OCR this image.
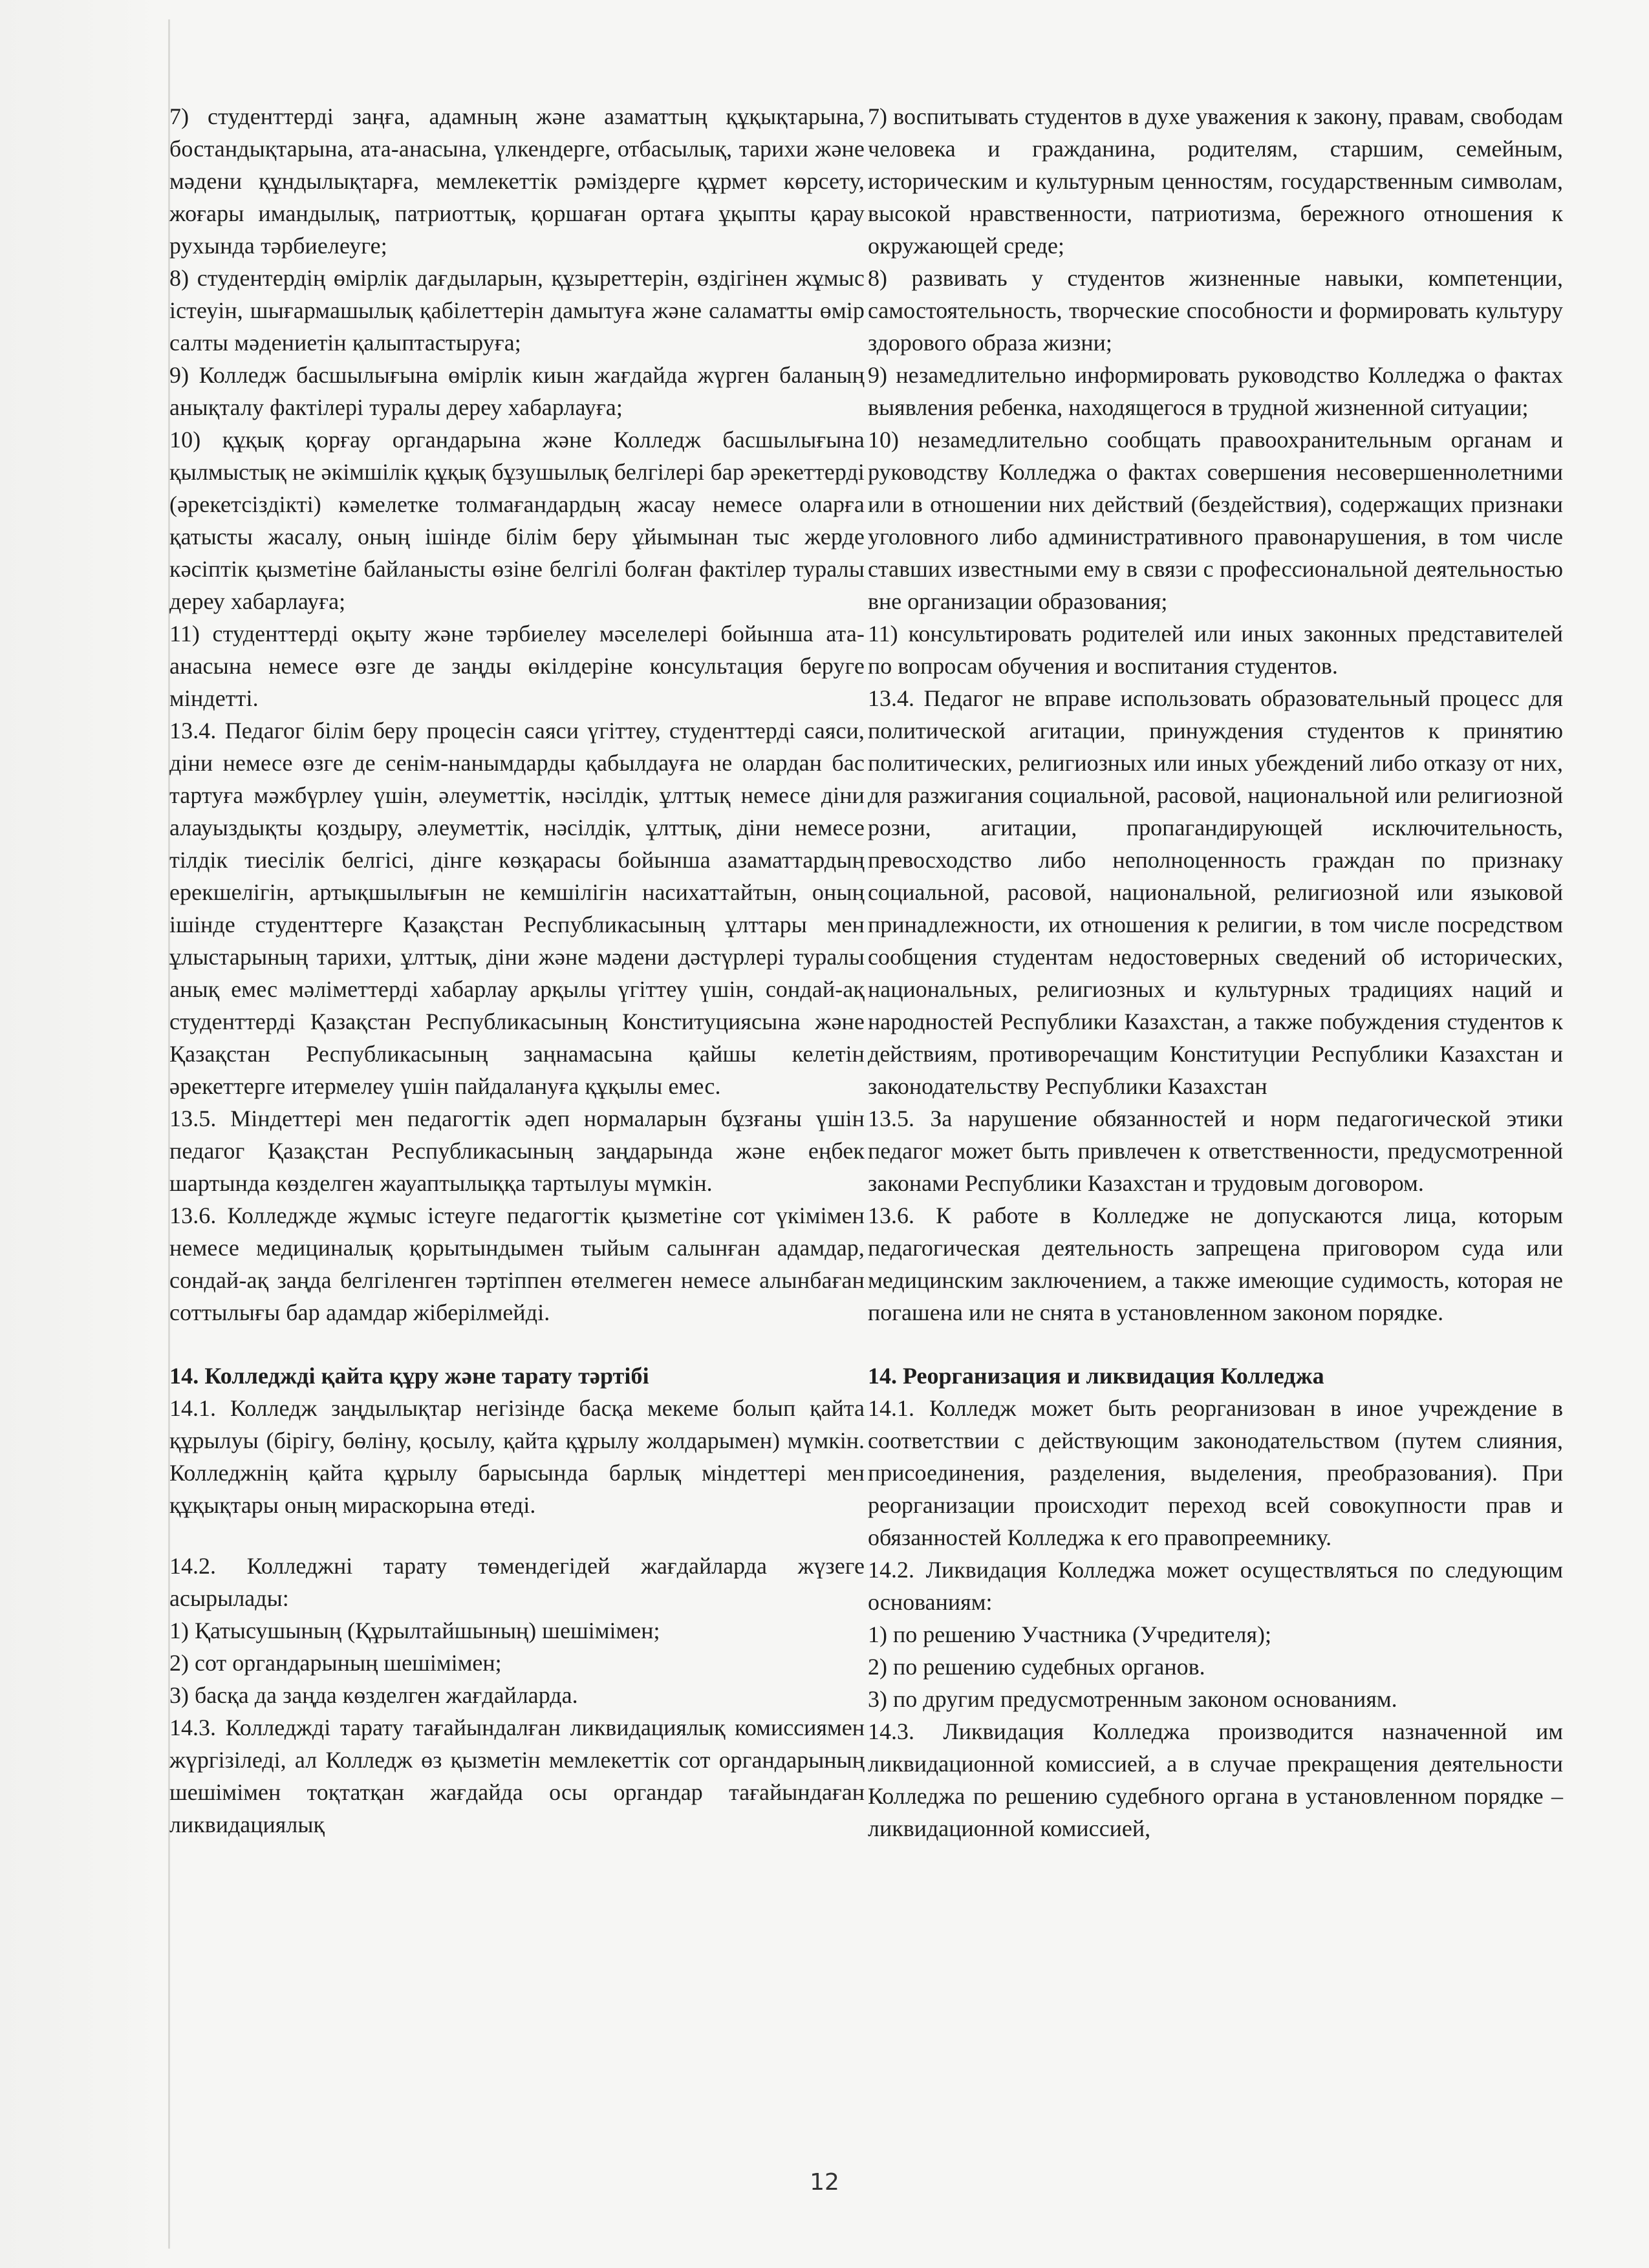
7) студенттерді заңға, адамның және азаматтың құқықтарына, бостандықтарына, ата-анасына, үлкендерге, отбасылық, тарихи және мәдени құндылықтарға, мемлекеттік рәміздерге құрмет көрсету, жоғары имандылық, патриоттық, қоршаған ортаға ұқыпты қарау рухында тәрбиелеуге;

8) студентердің өмірлік дағдыларын, құзыреттерін, өздігінен жұмыс істеуін, шығармашылық қабілеттерін дамытуға және саламатты өмір салты мәдениетін қалыптастыруға;

9) Колледж басшылығына өмірлік киын жағдайда жүрген баланың анықталу фактілері туралы дереу хабарлауға;

10) құқық қорғау органдарына және Колледж басшылығына қылмыстық не әкімшілік құқық бұзушылық белгілері бар әрекеттерді (әрекетсіздікті) кәмелетке толмағандардың жасау немесе оларға қатысты жасалу, оның ішінде білім беру ұйымынан тыс жерде кәсіптік қызметіне байланысты өзіне белгілі болған фактілер туралы дереу хабарлауға;

11) студенттерді оқыту және тәрбиелеу мәселелері бойынша ата-анасына немесе өзге де заңды өкілдеріне консультация беруге міндетті.

13.4. Педагог білім беру процесін саяси үгіттеу, студенттерді саяси, діни немесе өзге де сенім-нанымдарды қабылдауға не олардан бас тартуға мәжбүрлеу үшін, әлеуметтік, нәсілдік, ұлттық немесе діни алауыздықты қоздыру, әлеуметтік, нәсілдік, ұлттық, діни немесе тілдік тиесілік белгісі, дінге көзқарасы бойынша азаматтардың ерекшелігін, артықшылығын не кемшілігін насихаттайтын, оның ішінде студенттерге Қазақстан Республикасының ұлттары мен ұлыстарының тарихи, ұлттық, діни және мәдени дәстүрлері туралы анық емес мәліметтерді хабарлау арқылы үгіттеу үшін, сондай-ақ студенттерді Қазақстан Республикасының Конституциясына және Қазақстан Республикасының заңнамасына қайшы келетін әрекеттерге итермелеу үшін пайдалануға құқылы емес.

13.5. Міндеттері мен педагогтік әдеп нормаларын бұзғаны үшін педагог Қазақстан Республикасының заңдарында және еңбек шартында көзделген жауаптылыққа тартылуы мүмкін.

13.6. Колледжде жұмыс істеуге педагогтік қызметіне сот үкімімен немесе медициналық қорытындымен тыйым салынған адамдар, сондай-ақ заңда белгіленген тәртіппен өтелмеген немесе алынбаған соттылығы бар адамдар жіберілмейді.

14. Колледжді қайта құру және тарату тәртібі

14.1. Колледж заңдылықтар негізінде басқа мекеме болып қайта құрылуы (бірігу, бөліну, қосылу, қайта құрылу жолдарымен) мүмкін. Колледжнің қайта құрылу барысында барлық міндеттері мен құқықтары оның мираскорына өтеді.

14.2. Колледжні тарату төмендегідей жағдайларда жүзеге асырылады:

1) Қатысушының (Құрылтайшының) шешімімен;

2) сот органдарының шешімімен;

3) басқа да заңда көзделген жағдайларда.

14.3. Колледжді тарату тағайындалған ликвидациялық комиссиямен жүргізіледі, ал Колледж өз қызметін мемлекеттік сот органдарының шешімімен тоқтатқан жағдайда осы органдар тағайындаған ликвидациялық

7) воспитывать студентов в духе уважения к закону, правам, свободам человека и гражданина, родителям, старшим, семейным, историческим и культурным ценностям, государственным символам, высокой нравственности, патриотизма, бережного отношения к окружающей среде;

8) развивать у студентов жизненные навыки, компетенции, самостоятельность, творческие способности и формировать культуру здорового образа жизни;

9) незамедлительно информировать руководство Колледжа о фактах выявления ребенка, находящегося в трудной жизненной ситуации;

10) незамедлительно сообщать правоохранительным органам и руководству Колледжа о фактах совершения несовершеннолетними или в отношении них действий (бездействия), содержащих признаки уголовного либо административного правонарушения, в том числе ставших известными ему в связи с профессиональной деятельностью вне организации образования;

11) консультировать родителей или иных законных представителей по вопросам обучения и воспитания студентов.

13.4. Педагог не вправе использовать образовательный процесс для политической агитации, принуждения студентов к принятию политических, религиозных или иных убеждений либо отказу от них, для разжигания социальной, расовой, национальной или религиозной розни, агитации, пропагандирующей исключительность, превосходство либо неполноценность граждан по признаку социальной, расовой, национальной, религиозной или языковой принадлежности, их отношения к религии, в том числе посредством сообщения студентам недостоверных сведений об исторических, национальных, религиозных и культурных традициях наций и народностей Республики Казахстан, а также побуждения студентов к действиям, противоречащим Конституции Республики Казахстан и законодательству Республики Казахстан

13.5. За нарушение обязанностей и норм педагогической этики педагог может быть привлечен к ответственности, предусмотренной законами Республики Казахстан и трудовым договором.

13.6. К работе в Колледже не допускаются лица, которым педагогическая деятельность запрещена приговором суда или медицинским заключением, а также имеющие судимость, которая не погашена или не снята в установленном законом порядке.

14. Реорганизация и ликвидация Колледжа

14.1. Колледж может быть реорганизован в иное учреждение в соответствии с действующим законодательством (путем слияния, присоединения, разделения, выделения, преобразования). При реорганизации происходит переход всей совокупности прав и обязанностей Колледжа к его правопреемнику.

14.2. Ликвидация Колледжа может осуществляться по следующим основаниям:

1) по решению Участника (Учредителя);

2) по решению судебных органов.

3) по другим предусмотренным законом основаниям.

14.3. Ликвидация Колледжа производится назначенной им ликвидационной комиссией, а в случае прекращения деятельности Колледжа по решению судебного органа в установленном порядке – ликвидационной комиссией,

12
